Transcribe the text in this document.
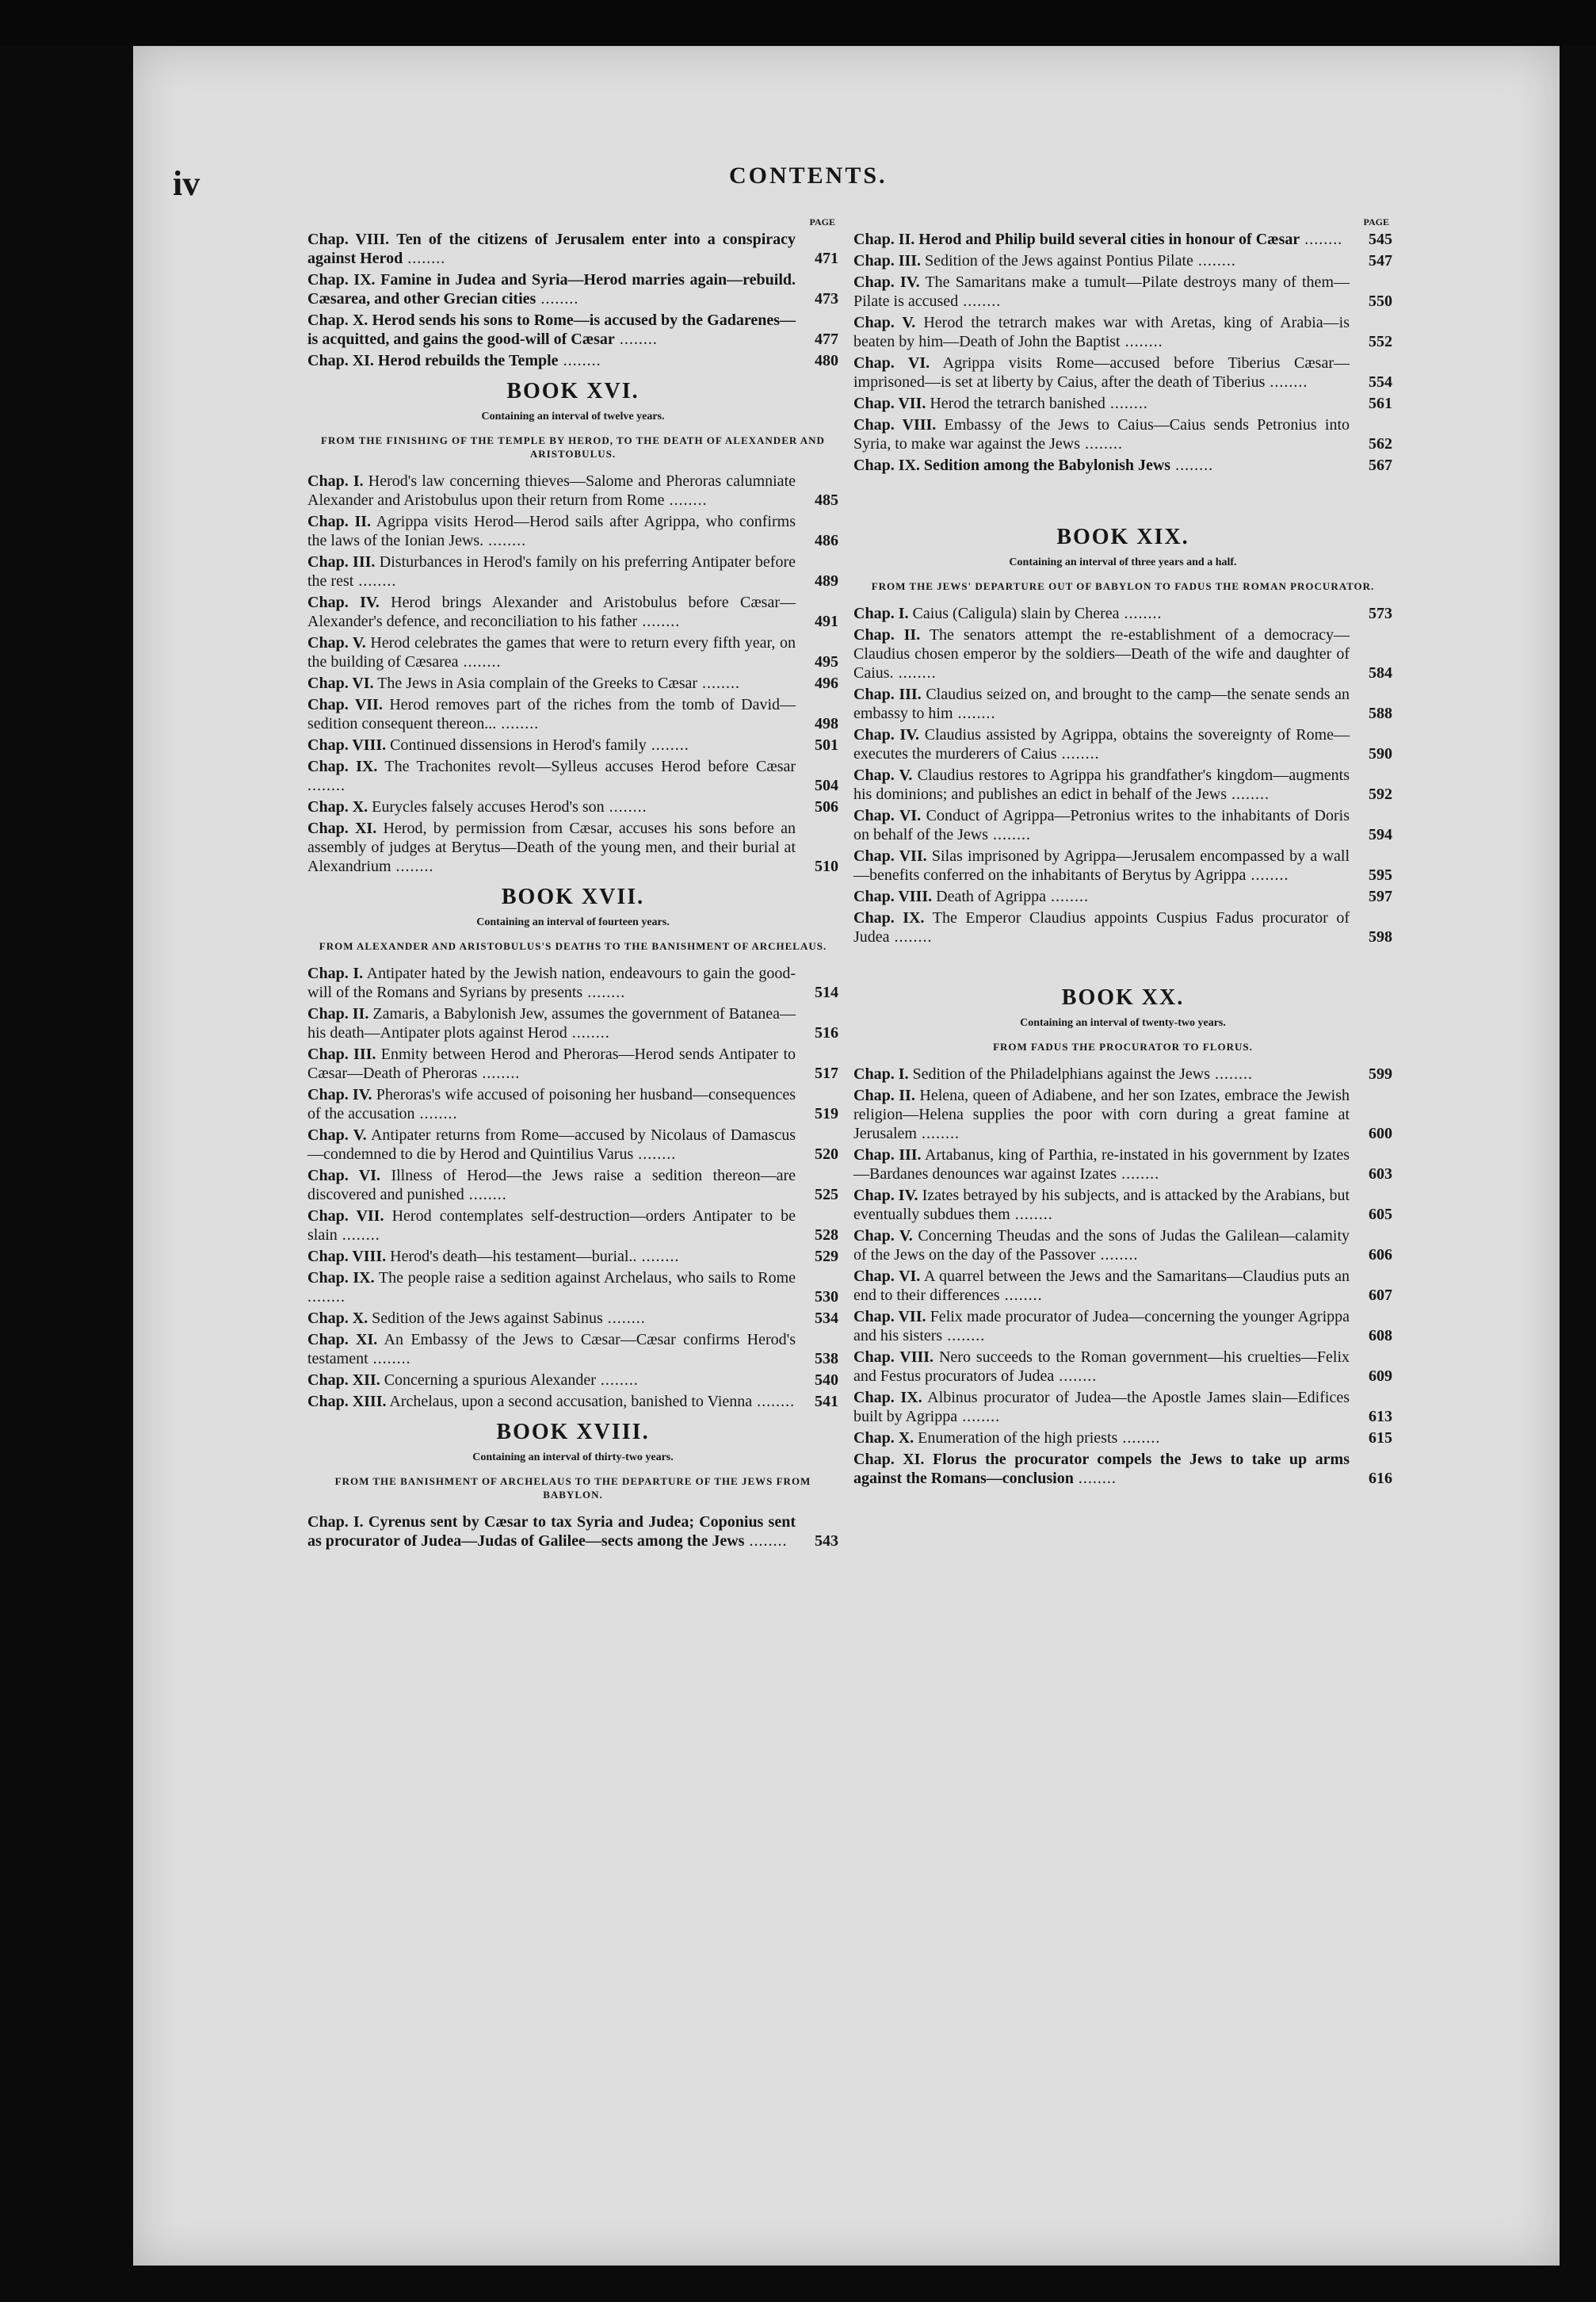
iv	CONTENTS.
PAGE
Chap. VIII. Ten of the citizens of Jerusalem enter into a conspiracy against Herod ........	471
Chap. IX. Famine in Judea and Syria—Herod marries again—rebuild. Cæsarea, and other Grecian cities ........	473
Chap. X. Herod sends his sons to Rome—is accused by the Gadarenes—is acquitted, and gains the good-will of Cæsar ........	477
Chap. XI. Herod rebuilds the Temple ........	480
BOOK XVI.
Containing an interval of twelve years.
FROM THE FINISHING OF THE TEMPLE BY HEROD, TO THE DEATH OF ALEXANDER AND ARISTOBULUS.
Chap. I. Herod's law concerning thieves—Salome and Pheroras calumniate Alexander and Aristobulus upon their return from Rome ........	485
Chap. II. Agrippa visits Herod—Herod sails after Agrippa, who confirms the laws of the Ionian Jews. ........	486
Chap. III. Disturbances in Herod's family on his preferring Antipater before the rest ........	489
Chap. IV. Herod brings Alexander and Aristobulus before Cæsar—Alexander's defence, and reconciliation to his father ........	491
Chap. V. Herod celebrates the games that were to return every fifth year, on the building of Cæsarea ........	495
Chap. VI. The Jews in Asia complain of the Greeks to Cæsar ........	496
Chap. VII. Herod removes part of the riches from the tomb of David—sedition consequent thereon... ........	498
Chap. VIII. Continued dissensions in Herod's family ........	501
Chap. IX. The Trachonites revolt—Sylleus accuses Herod before Cæsar ........	504
Chap. X. Eurycles falsely accuses Herod's son ........	506
Chap. XI. Herod, by permission from Cæsar, accuses his sons before an assembly of judges at Berytus—Death of the young men, and their burial at Alexandrium ........	510
BOOK XVII.
Containing an interval of fourteen years.
FROM ALEXANDER AND ARISTOBULUS'S DEATHS TO THE BANISHMENT OF ARCHELAUS.
Chap. I. Antipater hated by the Jewish nation, endeavours to gain the good-will of the Romans and Syrians by presents ........	514
Chap. II. Zamaris, a Babylonish Jew, assumes the government of Batanea—his death—Antipater plots against Herod ........	516
Chap. III. Enmity between Herod and Pheroras—Herod sends Antipater to Cæsar—Death of Pheroras ........	517
Chap. IV. Pheroras's wife accused of poisoning her husband—consequences of the accusation ........	519
Chap. V. Antipater returns from Rome—accused by Nicolaus of Damascus—condemned to die by Herod and Quintilius Varus ........	520
Chap. VI. Illness of Herod—the Jews raise a sedition thereon—are discovered and punished ........	525
Chap. VII. Herod contemplates self-destruction—orders Antipater to be slain ........	528
Chap. VIII. Herod's death—his testament—burial.. ........	529
Chap. IX. The people raise a sedition against Archelaus, who sails to Rome ........	530
Chap. X. Sedition of the Jews against Sabinus ........	534
Chap. XI. An Embassy of the Jews to Cæsar—Cæsar confirms Herod's testament ........	538
Chap. XII. Concerning a spurious Alexander ........	540
Chap. XIII. Archelaus, upon a second accusation, banished to Vienna ........	541
BOOK XVIII.
Containing an interval of thirty-two years.
FROM THE BANISHMENT OF ARCHELAUS TO THE DEPARTURE OF THE JEWS FROM BABYLON.
Chap. I. Cyrenus sent by Cæsar to tax Syria and Judea; Coponius sent as procurator of Judea—Judas of Galilee—sects among the Jews ........	543
PAGE
Chap. II. Herod and Philip build several cities in honour of Cæsar ........	545
Chap. III. Sedition of the Jews against Pontius Pilate ........	547
Chap. IV. The Samaritans make a tumult—Pilate destroys many of them—Pilate is accused ........	550
Chap. V. Herod the tetrarch makes war with Aretas, king of Arabia—is beaten by him—Death of John the Baptist ........	552
Chap. VI. Agrippa visits Rome—accused before Tiberius Cæsar—imprisoned—is set at liberty by Caius, after the death of Tiberius ........	554
Chap. VII. Herod the tetrarch banished ........	561
Chap. VIII. Embassy of the Jews to Caius—Caius sends Petronius into Syria, to make war against the Jews ........	562
Chap. IX. Sedition among the Babylonish Jews ........	567
BOOK XIX.
Containing an interval of three years and a half.
FROM THE JEWS' DEPARTURE OUT OF BABYLON TO FADUS THE ROMAN PROCURATOR.
Chap. I. Caius (Caligula) slain by Cherea ........	573
Chap. II. The senators attempt the re-establishment of a democracy—Claudius chosen emperor by the soldiers—Death of the wife and daughter of Caius. ........	584
Chap. III. Claudius seized on, and brought to the camp—the senate sends an embassy to him ........	588
Chap. IV. Claudius assisted by Agrippa, obtains the sovereignty of Rome—executes the murderers of Caius ........	590
Chap. V. Claudius restores to Agrippa his grandfather's kingdom—augments his dominions; and publishes an edict in behalf of the Jews ........	592
Chap. VI. Conduct of Agrippa—Petronius writes to the inhabitants of Doris on behalf of the Jews ........	594
Chap. VII. Silas imprisoned by Agrippa—Jerusalem encompassed by a wall—benefits conferred on the inhabitants of Berytus by Agrippa ........	595
Chap. VIII. Death of Agrippa ........	597
Chap. IX. The Emperor Claudius appoints Cuspius Fadus procurator of Judea ........	598
BOOK XX.
Containing an interval of twenty-two years.
FROM FADUS THE PROCURATOR TO FLORUS.
Chap. I. Sedition of the Philadelphians against the Jews ........	599
Chap. II. Helena, queen of Adiabene, and her son Izates, embrace the Jewish religion—Helena supplies the poor with corn during a great famine at Jerusalem ........	600
Chap. III. Artabanus, king of Parthia, re-instated in his government by Izates—Bardanes denounces war against Izates ........	603
Chap. IV. Izates betrayed by his subjects, and is attacked by the Arabians, but eventually subdues them ........	605
Chap. V. Concerning Theudas and the sons of Judas the Galilean—calamity of the Jews on the day of the Passover ........	606
Chap. VI. A quarrel between the Jews and the Samaritans—Claudius puts an end to their differences ........	607
Chap. VII. Felix made procurator of Judea—concerning the younger Agrippa and his sisters ........	608
Chap. VIII. Nero succeeds to the Roman government—his cruelties—Felix and Festus procurators of Judea ........	609
Chap. IX. Albinus procurator of Judea—the Apostle James slain—Edifices built by Agrippa ........	613
Chap. X. Enumeration of the high priests ........	615
Chap. XI. Florus the procurator compels the Jews to take up arms against the Romans—conclusion ........	616
